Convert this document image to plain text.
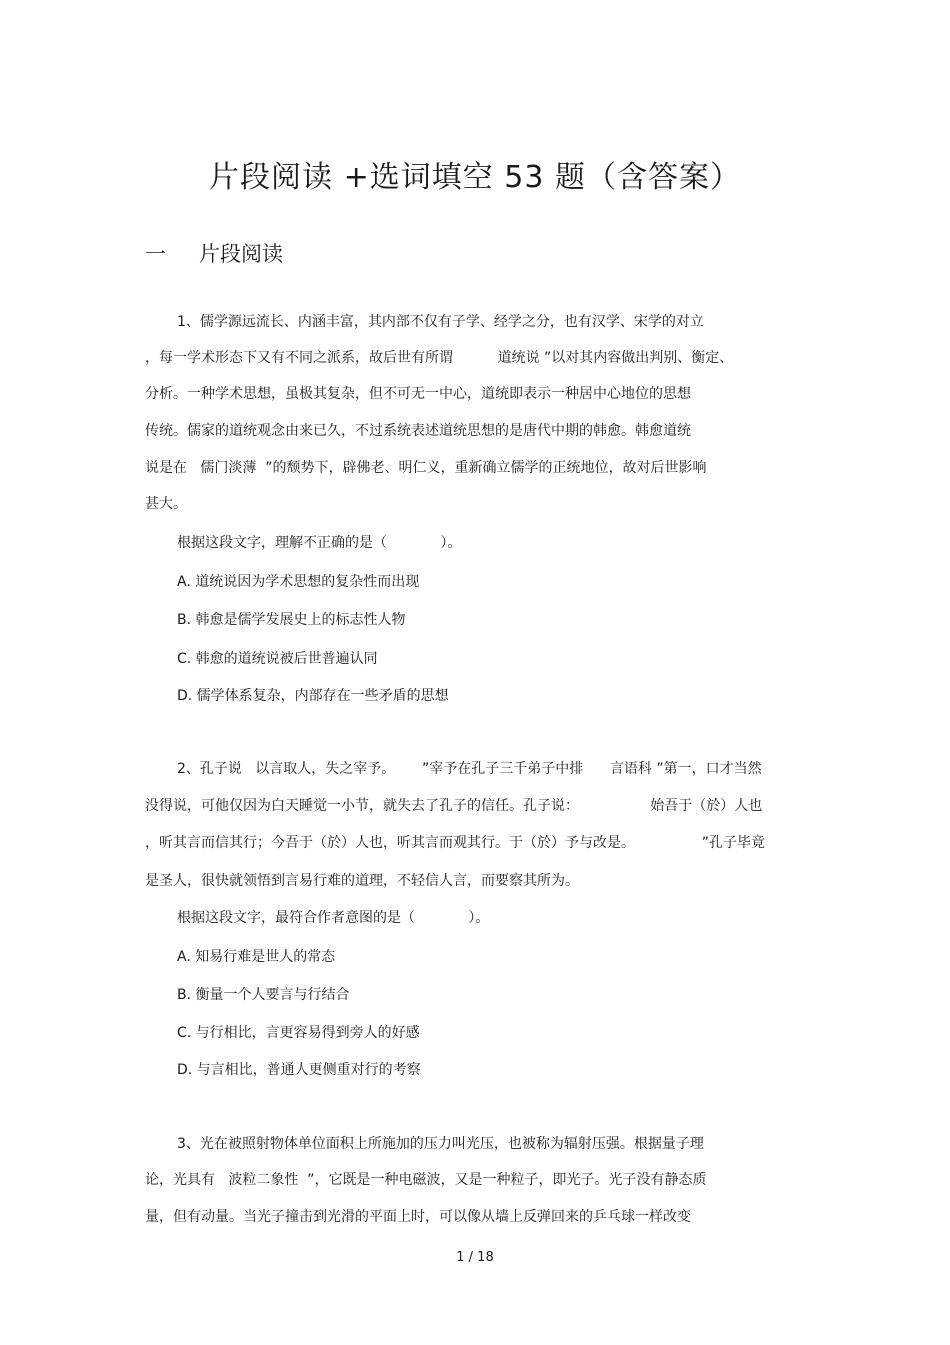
片段阅读 +选词填空 53 题（含答案）
一 片段阅读
1、儒学源远流长、内涵丰富，其内部不仅有子学、经学之分，也有汉学、宋学的对立
，每一学术形态下又有不同之派系，故后世有所谓          道统说 ”以对其内容做出判别、衡定、
分析。一种学术思想，虽极其复杂，但不可无一中心，道统即表示一种居中心地位的思想
传统。儒家的道统观念由来已久，不过系统表述道统思想的是唐代中期的韩愈。韩愈道统
说是在   儒门淡薄  ”的颓势下，辟佛老、明仁义，重新确立儒学的正统地位，故对后世影响
甚大。
根据这段文字，理解不正确的是（            ）。
A. 道统说因为学术思想的复杂性而出现
B. 韩愈是儒学发展史上的标志性人物
C. 韩愈的道统说被后世普遍认同
D. 儒学体系复杂，内部存在一些矛盾的思想
2、孔子说   以言取人，失之宰予。      ”宰予在孔子三千弟子中排      言语科 ”第一，口才当然
没得说，可他仅因为白天睡觉一小节，就失去了孔子的信任。孔子说：                始吾于（於）人也
，听其言而信其行；今吾于（於）人也，听其言而观其行。于（於）予与改是。               ”孔子毕竟
是圣人，很快就领悟到言易行难的道理，不轻信人言，而要察其所为。
根据这段文字，最符合作者意图的是（            ）。
A. 知易行难是世人的常态
B. 衡量一个人要言与行结合
C. 与行相比，言更容易得到旁人的好感
D. 与言相比，普通人更侧重对行的考察
3、光在被照射物体单位面积上所施加的压力叫光压，也被称为辐射压强。根据量子理
论，光具有   波粒二象性  ”，它既是一种电磁波，又是一种粒子，即光子。光子没有静态质
量，但有动量。当光子撞击到光滑的平面上时，可以像从墙上反弹回来的乒乓球一样改变
1 / 18
